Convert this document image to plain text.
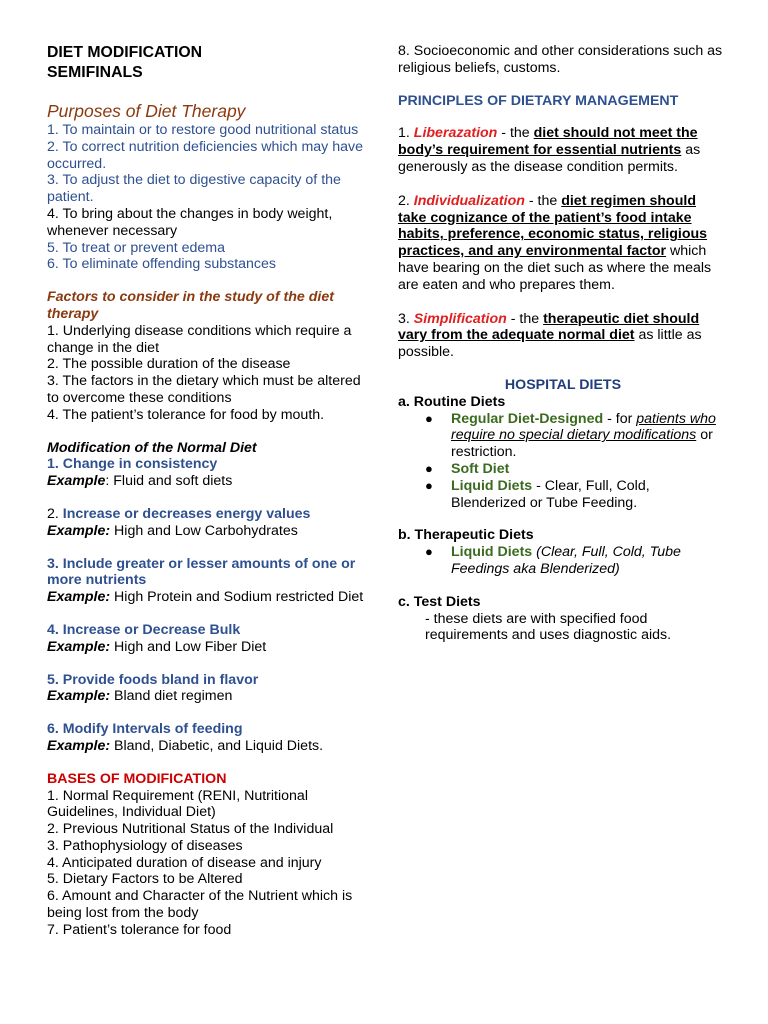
DIET MODIFICATION
SEMIFINALS
Purposes of Diet Therapy
1. To maintain or to restore good nutritional status
2. To correct nutrition deficiencies which may have occurred.
3. To adjust the diet to digestive capacity of the patient.
4. To bring about the changes in body weight, whenever necessary
5. To treat or prevent edema
6. To eliminate offending substances
Factors to consider in the study of the diet therapy
1. Underlying disease conditions which require a change in the diet
2. The possible duration of the disease
3. The factors in the dietary which must be altered to overcome these conditions
4. The patient’s tolerance for food by mouth.
Modification of the Normal Diet
1. Change in consistency
Example: Fluid and soft diets
2. Increase or decreases energy values
Example: High and Low Carbohydrates
3. Include greater or lesser amounts of one or more nutrients
Example: High Protein and Sodium restricted Diet
4. Increase or Decrease Bulk
Example: High and Low Fiber Diet
5. Provide foods bland in flavor
Example: Bland diet regimen
6. Modify Intervals of feeding
Example: Bland, Diabetic, and Liquid Diets.
BASES OF MODIFICATION
1. Normal Requirement (RENI, Nutritional Guidelines, Individual Diet)
2. Previous Nutritional Status of the Individual
3. Pathophysiology of diseases
4. Anticipated duration of disease and injury
5. Dietary Factors to be Altered
6. Amount and Character of the Nutrient which is being lost from the body
7. Patient’s tolerance for food
8. Socioeconomic and other considerations such as religious beliefs, customs.
PRINCIPLES OF DIETARY MANAGEMENT
1. Liberazation - the diet should not meet the body’s requirement for essential nutrients as generously as the disease condition permits.
2. Individualization - the diet regimen should take cognizance of the patient’s food intake habits, preference, economic status, religious practices, and any environmental factor which have bearing on the diet such as where the meals are eaten and who prepares them.
3. Simplification - the therapeutic diet should vary from the adequate normal diet as little as possible.
HOSPITAL DIETS
a. Routine Diets
● Regular Diet-Designed - for patients who require no special dietary modifications or restriction.
● Soft Diet
● Liquid Diets - Clear, Full, Cold, Blenderized or Tube Feeding.
b. Therapeutic Diets
● Liquid Diets (Clear, Full, Cold, Tube Feedings aka Blenderized)
c. Test Diets
- these diets are with specified food requirements and uses diagnostic aids.
